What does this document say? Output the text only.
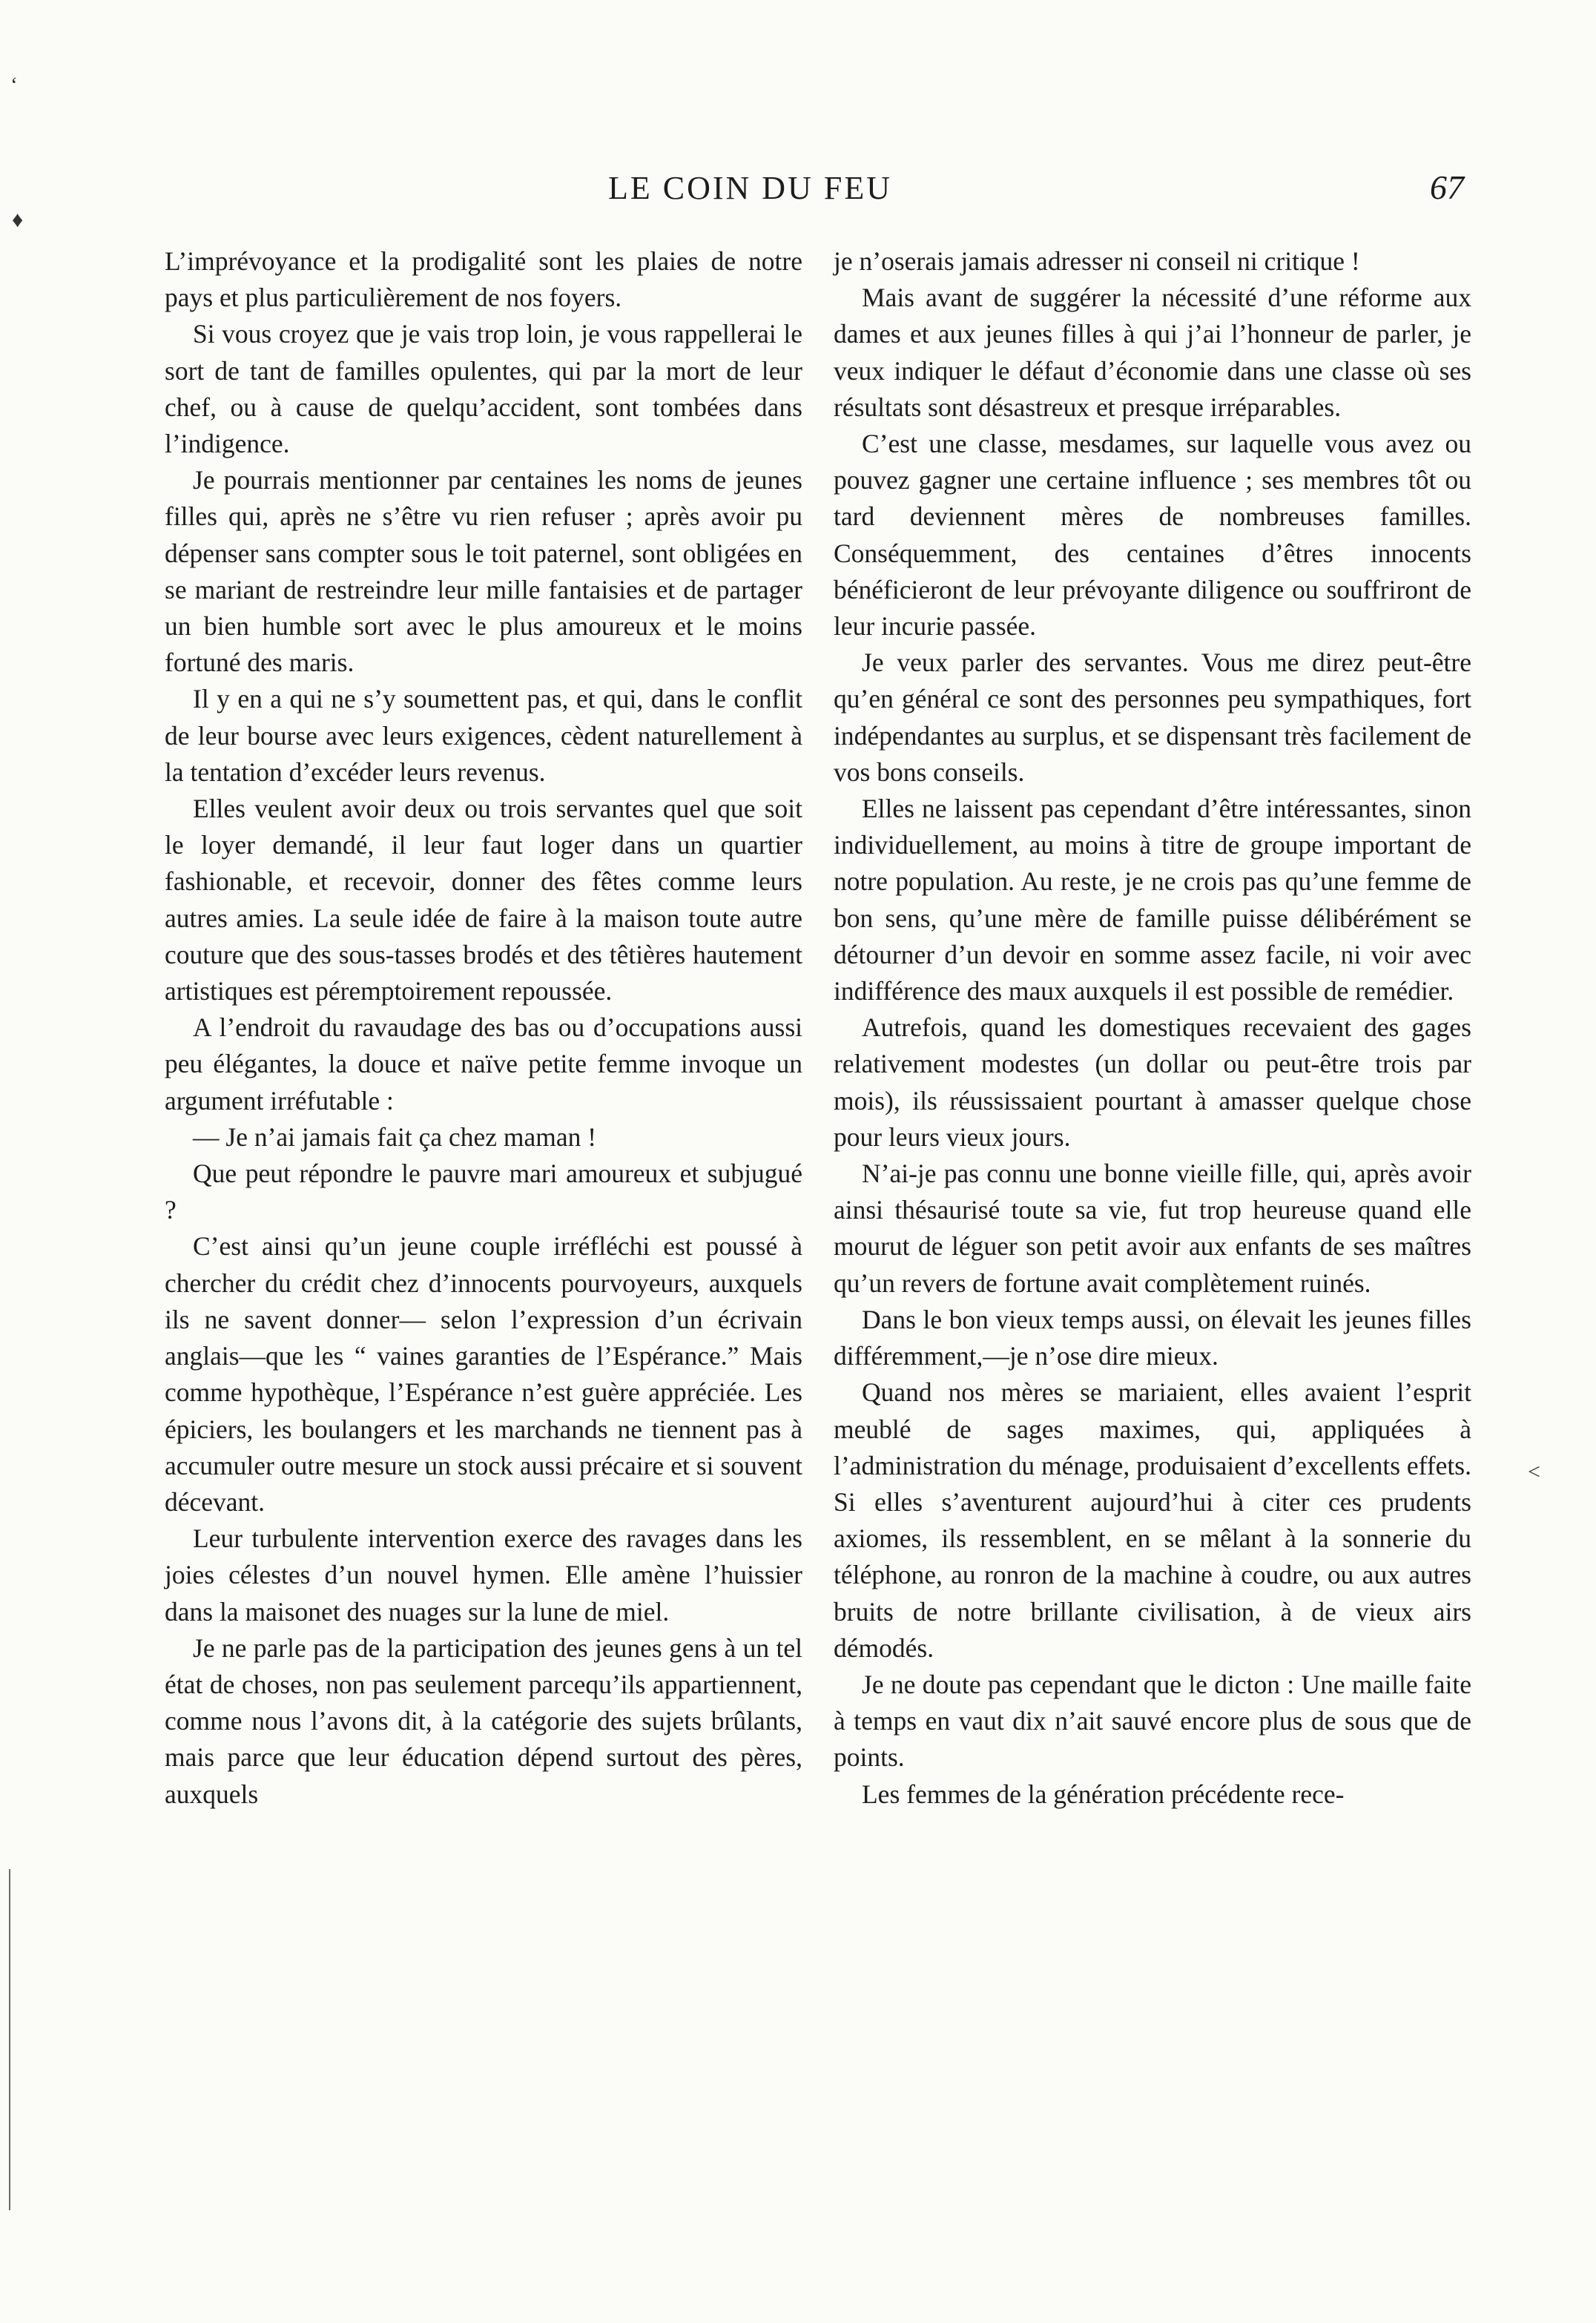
‘
♦
˂
LE COIN DU FEU	67

L’imprévoyance et la prodigalité sont les plaies de notre pays et plus particulièrement de nos foyers.

Si vous croyez que je vais trop loin, je vous rappellerai le sort de tant de familles opulentes, qui par la mort de leur chef, ou à cause de quelqu’accident, sont tombées dans l’indigence.

Je pourrais mentionner par centaines les noms de jeunes filles qui, après ne s’être vu rien refuser ; après avoir pu dépenser sans compter sous le toit paternel, sont obligées en se mariant de restreindre leur mille fantaisies et de partager un bien humble sort avec le plus amoureux et le moins fortuné des maris.

Il y en a qui ne s’y soumettent pas, et qui, dans le conflit de leur bourse avec leurs exigences, cèdent naturellement à la tentation d’excéder leurs revenus.

Elles veulent avoir deux ou trois servantes quel que soit le loyer demandé, il leur faut loger dans un quartier fashionable, et recevoir, donner des fêtes comme leurs autres amies. La seule idée de faire à la maison toute autre couture que des sous-tasses brodés et des têtières hautement artistiques est péremptoirement repoussée.

A l’endroit du ravaudage des bas ou d’occupations aussi peu élégantes, la douce et naïve petite femme invoque un argument irréfutable :

— Je n’ai jamais fait ça chez maman !

Que peut répondre le pauvre mari amoureux et subjugué ?

C’est ainsi qu’un jeune couple irréfléchi est poussé à chercher du crédit chez d’innocents pourvoyeurs, auxquels ils ne savent donner— selon l’expression d’un écrivain anglais—que les “ vaines garanties de l’Espérance.” Mais comme hypothèque, l’Espérance n’est guère appréciée. Les épiciers, les boulangers et les marchands ne tiennent pas à accumuler outre mesure un stock aussi précaire et si souvent décevant.

Leur turbulente intervention exerce des ravages dans les joies célestes d’un nouvel hymen. Elle amène l’huissier dans la maisonet des nuages sur la lune de miel.

Je ne parle pas de la participation des jeunes gens à un tel état de choses, non pas seulement parcequ’ils appartiennent, comme nous l’avons dit, à la catégorie des sujets brûlants, mais parce que leur éducation dépend surtout des pères, auxquels

je n’oserais jamais adresser ni conseil ni critique !

Mais avant de suggérer la nécessité d’une réforme aux dames et aux jeunes filles à qui j’ai l’honneur de parler, je veux indiquer le défaut d’économie dans une classe où ses résultats sont désastreux et presque irréparables.

C’est une classe, mesdames, sur laquelle vous avez ou pouvez gagner une certaine influence ; ses membres tôt ou tard deviennent mères de nombreuses familles. Conséquemment, des centaines d’êtres innocents bénéficieront de leur prévoyante diligence ou souffriront de leur incurie passée.

Je veux parler des servantes. Vous me direz peut-être qu’en général ce sont des personnes peu sympathiques, fort indépendantes au surplus, et se dispensant très facilement de vos bons conseils.

Elles ne laissent pas cependant d’être intéressantes, sinon individuellement, au moins à titre de groupe important de notre population. Au reste, je ne crois pas qu’une femme de bon sens, qu’une mère de famille puisse délibérément se détourner d’un devoir en somme assez facile, ni voir avec indifférence des maux auxquels il est possible de remédier.

Autrefois, quand les domestiques recevaient des gages relativement modestes (un dollar ou peut-être trois par mois), ils réussissaient pourtant à amasser quelque chose pour leurs vieux jours.

N’ai-je pas connu une bonne vieille fille, qui, après avoir ainsi thésaurisé toute sa vie, fut trop heureuse quand elle mourut de léguer son petit avoir aux enfants de ses maîtres qu’un revers de fortune avait complètement ruinés.

Dans le bon vieux temps aussi, on élevait les jeunes filles différemment,—je n’ose dire mieux.

Quand nos mères se mariaient, elles avaient l’esprit meublé de sages maximes, qui, appliquées à l’administration du ménage, produisaient d’excellents effets. Si elles s’aventurent aujourd’hui à citer ces prudents axiomes, ils ressemblent, en se mêlant à la sonnerie du téléphone, au ronron de la machine à coudre, ou aux autres bruits de notre brillante civilisation, à de vieux airs démodés.

Je ne doute pas cependant que le dicton : Une maille faite à temps en vaut dix n’ait sauvé encore plus de sous que de points.

Les femmes de la génération précédente rece-
